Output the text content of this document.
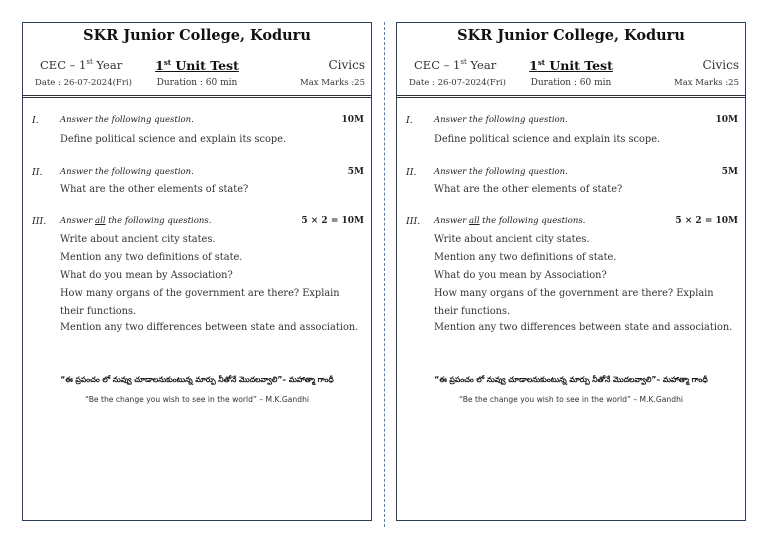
SKR Junior College, Koduru
CEC – 1st Year	1st Unit Test	Civics
Date : 26-07-2024(Fri)	Duration : 60 min	Max Marks :25
I. Answer the following question.	10M
Define political science and explain its scope.
II. Answer the following question.	5M
What are the other elements of state?
III. Answer all the following questions.	5 × 2 = 10M
Write about ancient city states.
Mention any two definitions of state.
What do you mean by Association?
How many organs of the government are there? Explain their functions.
Mention any two differences between state and association.
“ఈ ప్రపంచం లో నువ్వు చూడాలనుకుంటున్న మార్పు నీతోనే మొదలవ్వాలి”– మహాత్మా గాంధీ
“Be the change you wish to see in the world” – M.K.Gandhi
SKR Junior College, Koduru
CEC – 1st Year	1st Unit Test	Civics
Date : 26-07-2024(Fri)	Duration : 60 min	Max Marks :25
I. Answer the following question.	10M
Define political science and explain its scope.
II. Answer the following question.	5M
What are the other elements of state?
III. Answer all the following questions.	5 × 2 = 10M
Write about ancient city states.
Mention any two definitions of state.
What do you mean by Association?
How many organs of the government are there? Explain their functions.
Mention any two differences between state and association.
“ఈ ప్రపంచం లో నువ్వు చూడాలనుకుంటున్న మార్పు నీతోనే మొదలవ్వాలి”– మహాత్మా గాంధీ
“Be the change you wish to see in the world” – M.K.Gandhi
